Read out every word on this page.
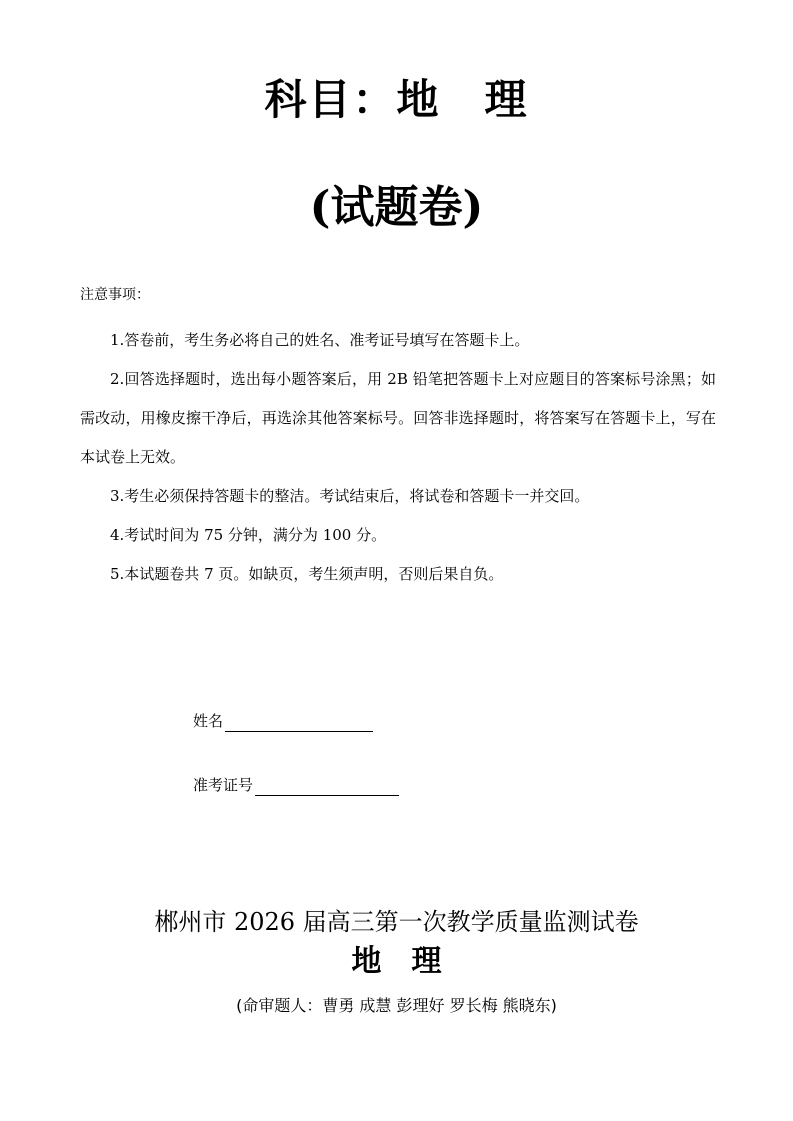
科目：地　理
(试题卷)
注意事项：
1.答卷前，考生务必将自己的姓名、准考证号填写在答题卡上。
2.回答选择题时，选出每小题答案后，用 2B 铅笔把答题卡上对应题目的答案标号涂黑；如需改动，用橡皮擦干净后，再选涂其他答案标号。回答非选择题时，将答案写在答题卡上，写在本试卷上无效。
3.考生必须保持答题卡的整洁。考试结束后，将试卷和答题卡一并交回。
4.考试时间为 75 分钟，满分为 100 分。
5.本试题卷共 7 页。如缺页，考生须声明，否则后果自负。
姓名
准考证号
郴州市 2026 届高三第一次教学质量监测试卷
地　理
(命审题人：曹勇 成慧 彭理好 罗长梅 熊晓东)
